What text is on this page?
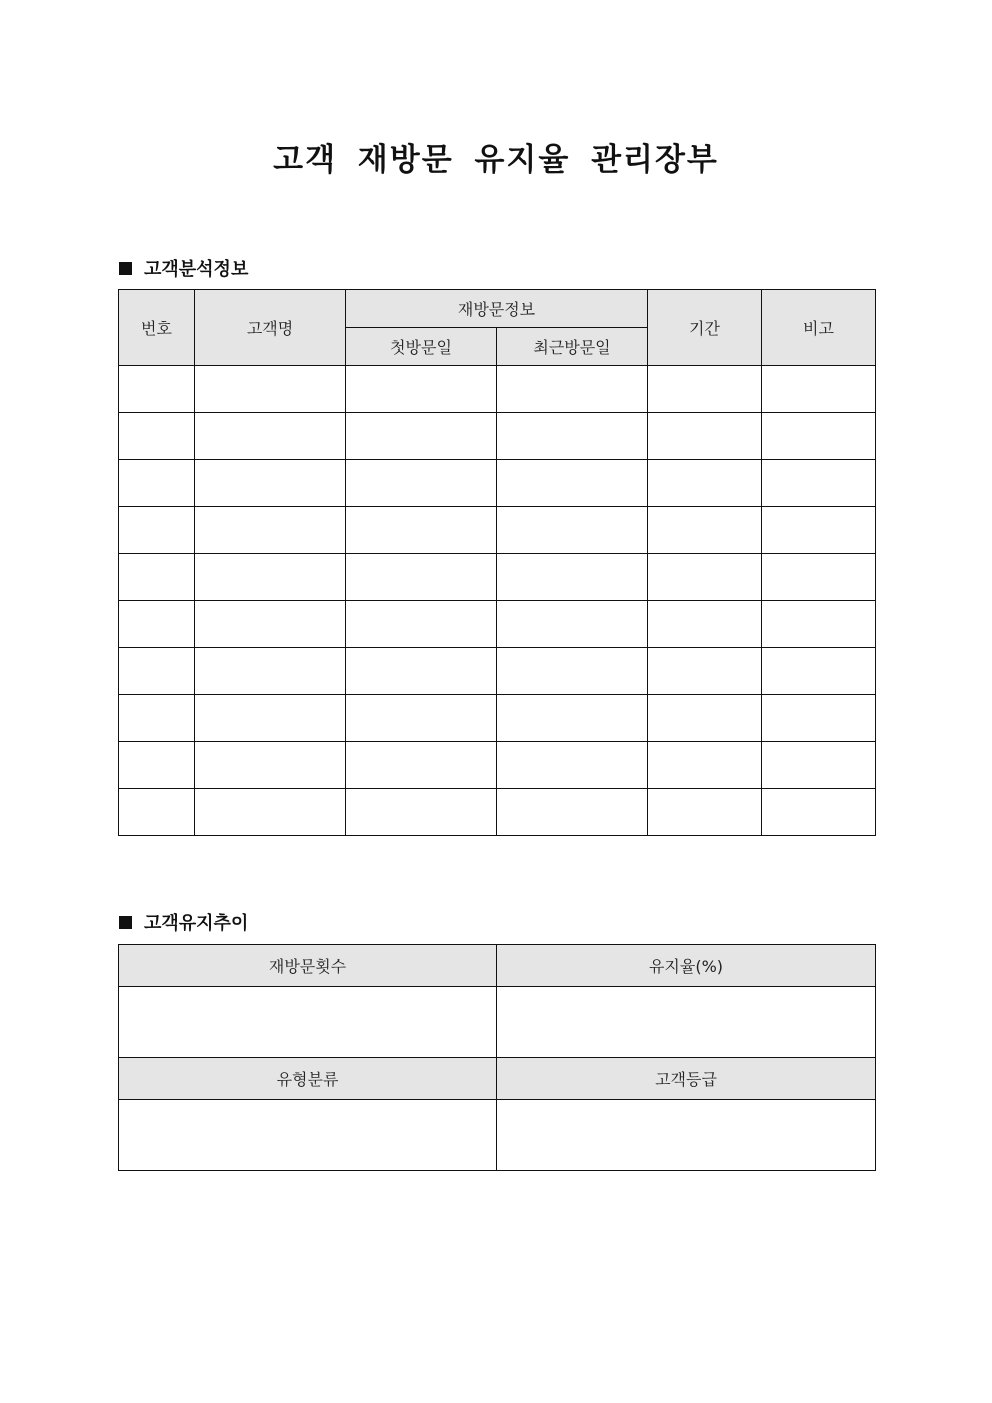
고객 재방문 유지율 관리장부
고객분석정보
번호	고객명	재방문정보		기간	비고
		첫방문일	최근방문일		

고객유지추이
재방문횟수	유지율(%)

유형분류	고객등급
